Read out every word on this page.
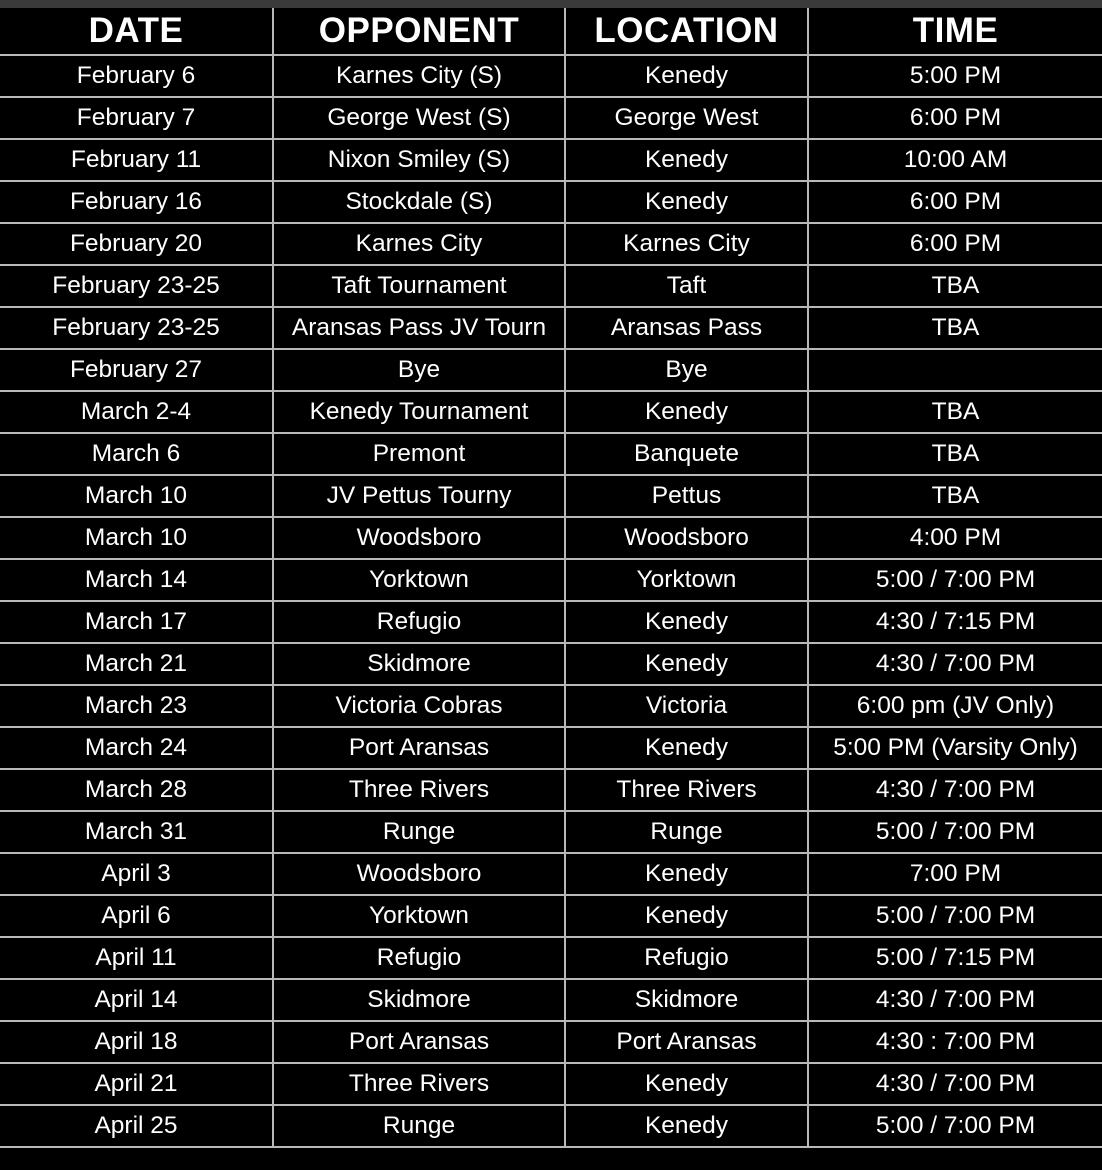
DATE	OPPONENT	LOCATION	TIME
February 6	Karnes City (S)	Kenedy	5:00 PM
February 7	George West (S)	George West	6:00 PM
February 11	Nixon Smiley (S)	Kenedy	10:00 AM
February 16	Stockdale (S)	Kenedy	6:00 PM
February 20	Karnes City	Karnes City	6:00 PM
February 23-25	Taft Tournament	Taft	TBA
February 23-25	Aransas Pass JV Tourn	Aransas Pass	TBA
February 27	Bye	Bye	
March 2-4	Kenedy Tournament	Kenedy	TBA
March 6	Premont	Banquete	TBA
March 10	JV Pettus Tourny	Pettus	TBA
March 10	Woodsboro	Woodsboro	4:00 PM
March 14	Yorktown	Yorktown	5:00 / 7:00 PM
March 17	Refugio	Kenedy	4:30 / 7:15 PM
March 21	Skidmore	Kenedy	4:30 / 7:00 PM
March 23	Victoria Cobras	Victoria	6:00 pm (JV Only)
March 24	Port Aransas	Kenedy	5:00 PM (Varsity Only)
March 28	Three Rivers	Three Rivers	4:30 / 7:00 PM
March 31	Runge	Runge	5:00 / 7:00 PM
April 3	Woodsboro	Kenedy	7:00 PM
April 6	Yorktown	Kenedy	5:00 / 7:00 PM
April 11	Refugio	Refugio	5:00 / 7:15 PM
April 14	Skidmore	Skidmore	4:30 / 7:00 PM
April 18	Port Aransas	Port Aransas	4:30 : 7:00 PM
April 21	Three Rivers	Kenedy	4:30 / 7:00 PM
April 25	Runge	Kenedy	5:00 / 7:00 PM
